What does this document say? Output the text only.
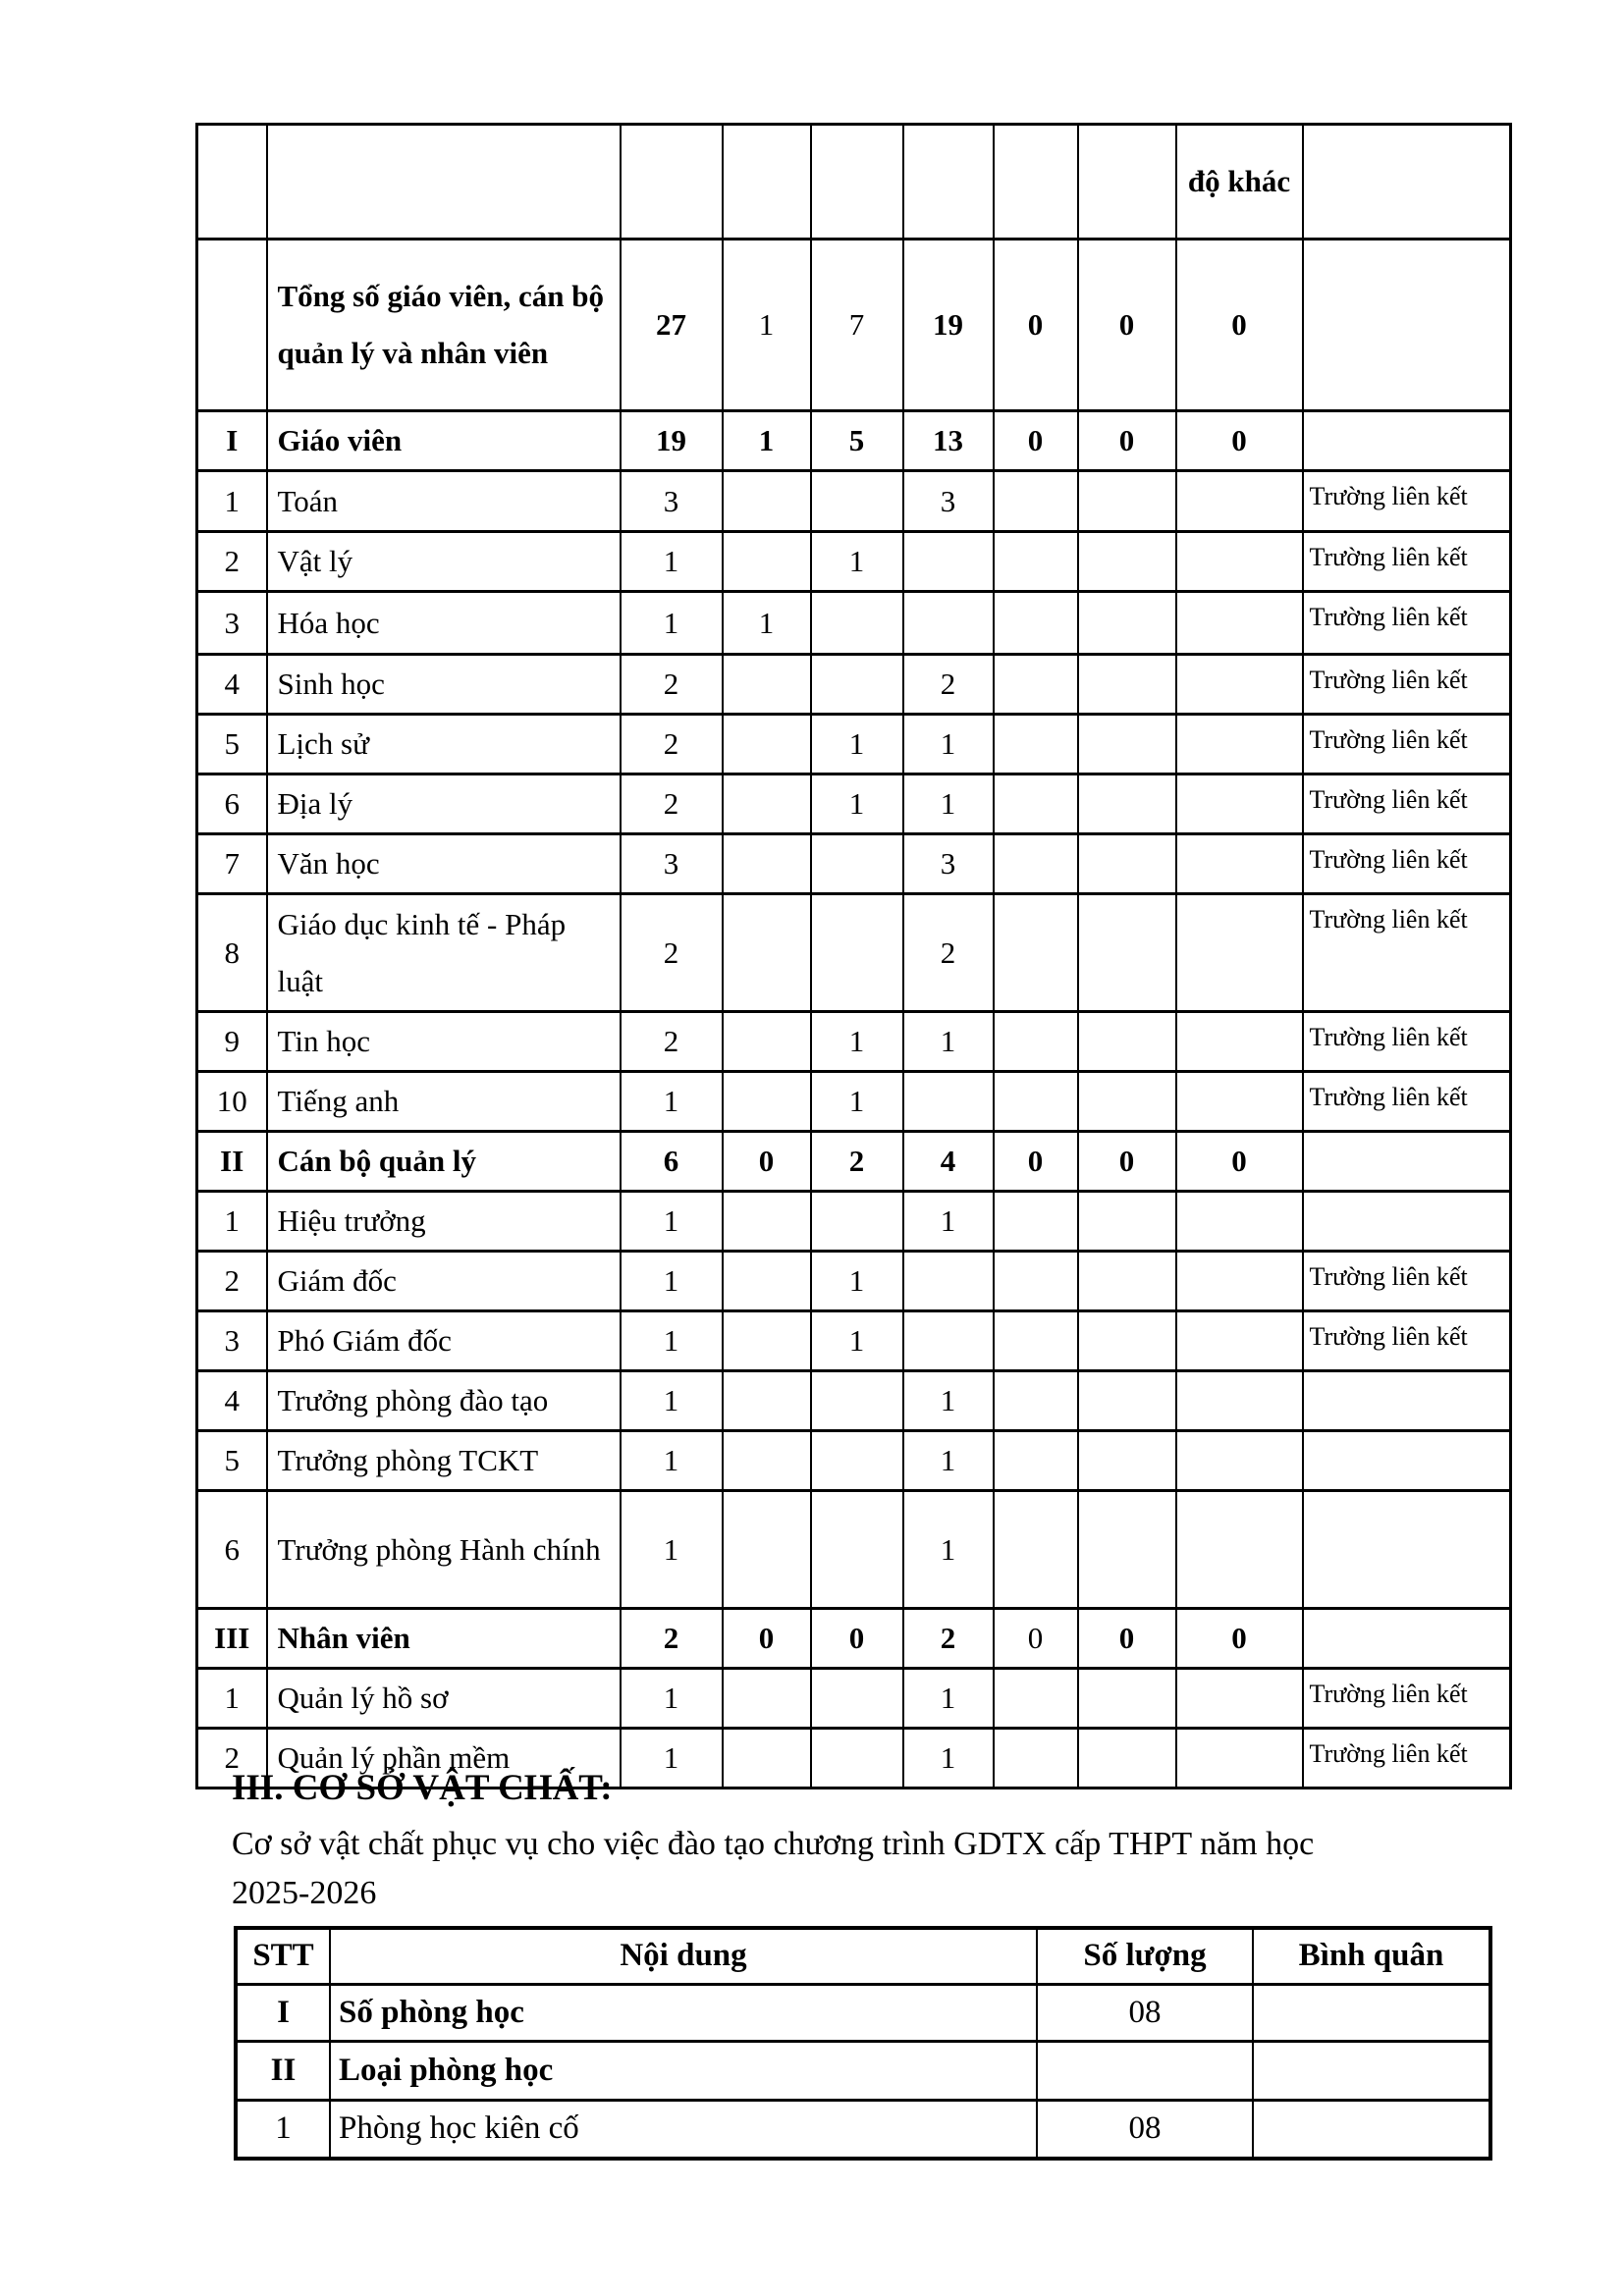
								độ khác	
	Tổng số giáo viên, cán bộ quản lý và nhân viên	27	1	7	19	0	0	0	
I	Giáo viên	19	1	5	13	0	0	0	
1	Toán	3			3				Trường liên kết
2	Vật lý	1		1					Trường liên kết
3	Hóa học	1	1						Trường liên kết
4	Sinh học	2			2				Trường liên kết
5	Lịch sử	2		1	1				Trường liên kết
6	Địa lý	2		1	1				Trường liên kết
7	Văn học	3			3				Trường liên kết
8	Giáo dục kinh tế - Pháp luật	2			2				Trường liên kết
9	Tin học	2		1	1				Trường liên kết
10	Tiếng anh	1		1					Trường liên kết
II	Cán bộ quản lý	6	0	2	4	0	0	0	
1	Hiệu trưởng	1			1				
2	Giám đốc	1		1					Trường liên kết
3	Phó Giám đốc	1		1					Trường liên kết
4	Trưởng phòng đào tạo	1			1				
5	Trưởng phòng TCKT	1			1				
6	Trưởng phòng Hành chính	1			1				
III	Nhân viên	2	0	0	2	0	0	0	
1	Quản lý hồ sơ	1			1				Trường liên kết
2	Quản lý phần mềm	1			1				Trường liên kết
III. CƠ SỞ VẬT CHẤT:
Cơ sở vật chất phục vụ cho việc đào tạo chương trình GDTX cấp THPT năm học
2025-2026
STT	Nội dung	Số lượng	Bình quân
I	Số phòng học	08	
II	Loại phòng học		
1	Phòng học kiên cố	08	
